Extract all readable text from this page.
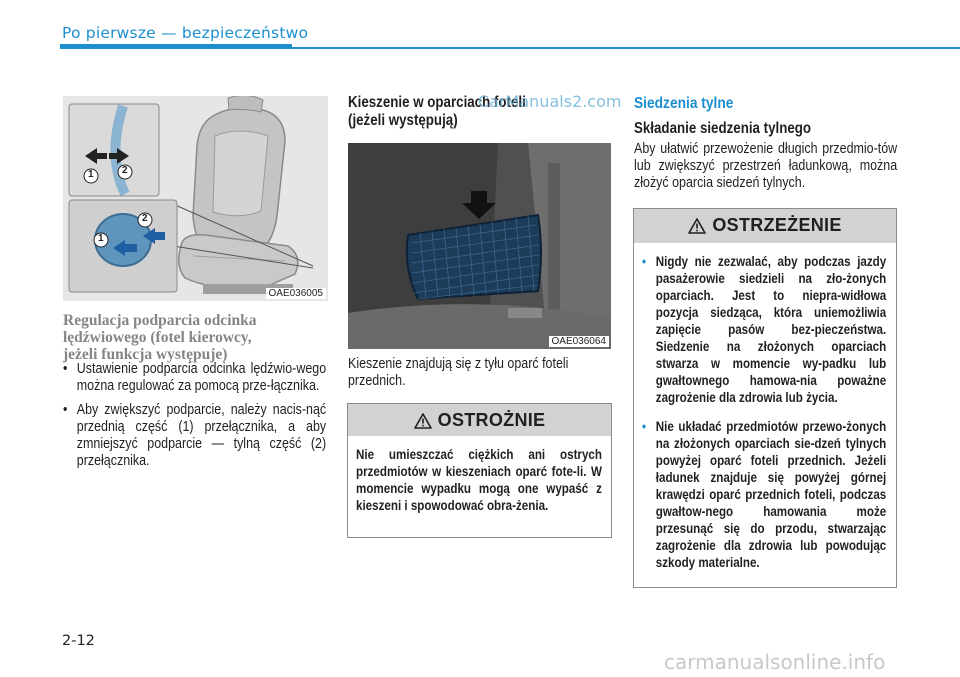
Po pierwsze — bezpieczeństwo
OAE036005
1	2
1
2
Regulacja podparcia odcinka
lędźwiowego (fotel kierowcy,
jeżeli funkcja występuje)
• Ustawienie podparcia odcinka lędźwio-wego można regulować za pomocą prze-łącznika.
• Aby zwiększyć podparcie, należy nacis-nąć przednią część (1) przełącznika, a aby zmniejszyć podparcie — tylną część (2) przełącznika.
Kieszenie w oparciach foteli
(jeżeli występują)
CarManuals2.com
OAE036064
Kieszenie znajdują się z tyłu oparć foteli przednich.
OSTROŻNIE
Nie umieszczać ciężkich ani ostrych przedmiotów w kieszeniach oparć fote-li. W momencie wypadku mogą one wypaść z kieszeni i spowodować obra-żenia.
Siedzenia tylne
Składanie siedzenia tylnego
Aby ułatwić przewożenie długich przedmio-tów lub zwiększyć przestrzeń ładunkową, można złożyć oparcia siedzeń tylnych.
OSTRZEŻENIE
• Nigdy nie zezwalać, aby podczas jazdy pasażerowie siedzieli na zło-żonych oparciach. Jest to niepra-widłowa pozycja siedząca, która uniemożliwia zapięcie pasów bez-pieczeństwa. Siedzenie na złożonych oparciach stwarza w momencie wy-padku lub gwałtownego hamowa-nia poważne zagrożenie dla zdrowia lub życia.
• Nie układać przedmiotów przewo-żonych na złożonych oparciach sie-dzeń tylnych powyżej oparć foteli przednich. Jeżeli ładunek znajduje się powyżej górnej krawędzi oparć przednich foteli, podczas gwałtow-nego hamowania może przesunąć się do przodu, stwarzając zagrożenie dla zdrowia lub powodując szkody materialne.
2-12
carmanualsonline.info
